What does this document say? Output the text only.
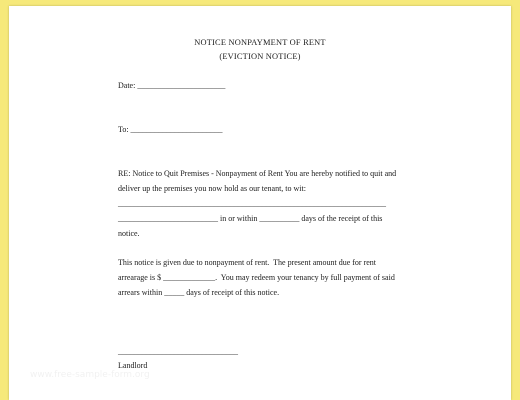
NOTICE NONPAYMENT OF RENT
(EVICTION NOTICE)
Date: ______________________
To: _______________________
RE: Notice to Quit Premises - Nonpayment of Rent You are hereby notified to quit and
deliver up the premises you now hold as our tenant, to wit:
___________________________________________________________________
_________________________ in or within __________ days of the receipt of this
notice.
This notice is given due to nonpayment of rent.  The present amount due for rent
arrearage is $ _____________.  You may redeem your tenancy by full payment of said
arrears within _____ days of receipt of this notice.
______________________________
Landlord
www.free-sample-form.org
